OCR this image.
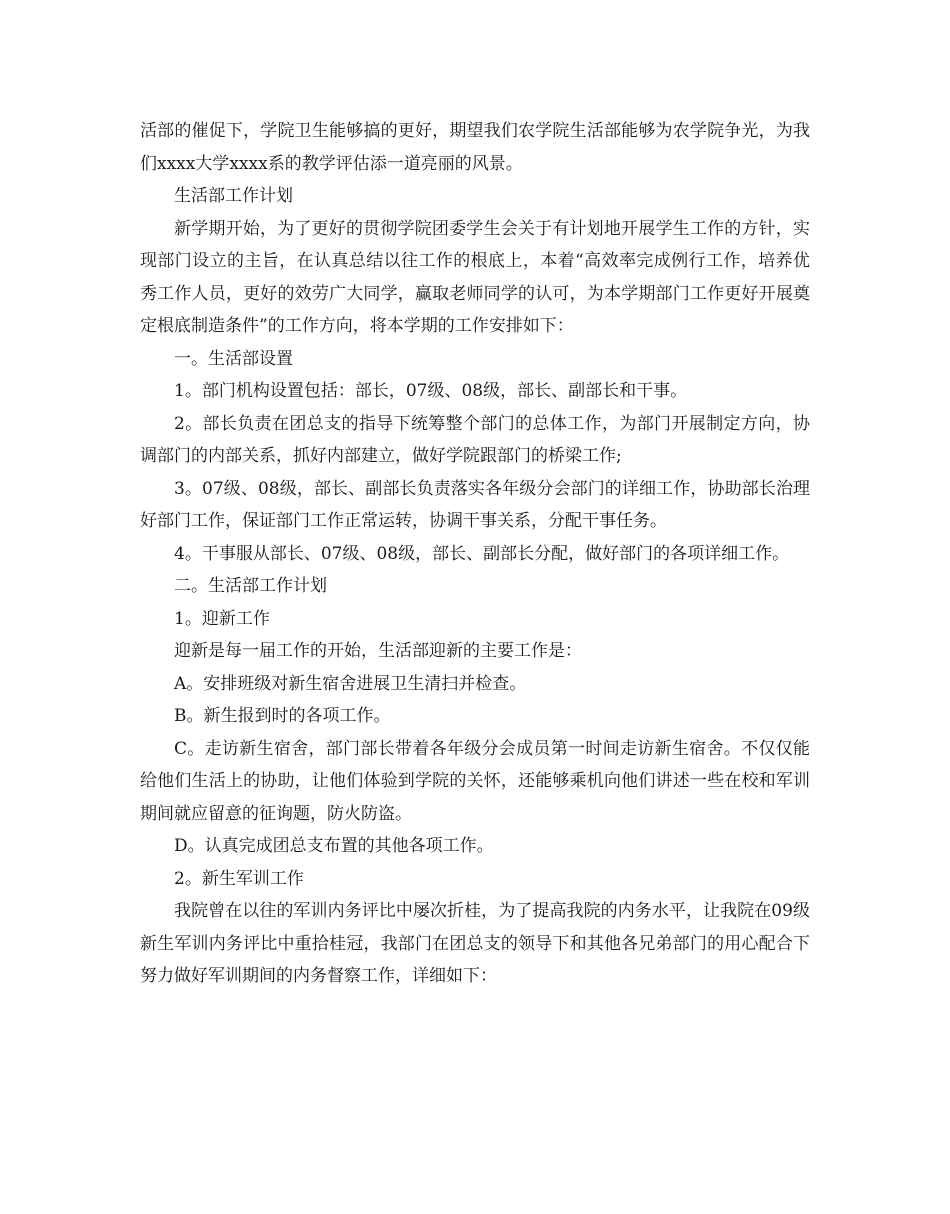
活部的催促下，学院卫生能够搞的更好，期望我们农学院生活部能够为农学院争光，为我们xxxx大学xxxx系的教学评估添一道亮丽的风景。

生活部工作计划

新学期开始，为了更好的贯彻学院团委学生会关于有计划地开展学生工作的方针，实现部门设立的主旨，在认真总结以往工作的根底上，本着“高效率完成例行工作，培养优秀工作人员，更好的效劳广大同学，赢取老师同学的认可，为本学期部门工作更好开展奠定根底制造条件”的工作方向，将本学期的工作安排如下：

一。生活部设置

1。部门机构设置包括：部长，07级、08级，部长、副部长和干事。

2。部长负责在团总支的指导下统筹整个部门的总体工作，为部门开展制定方向，协调部门的内部关系，抓好内部建立，做好学院跟部门的桥梁工作;

3。07级、08级，部长、副部长负责落实各年级分会部门的详细工作，协助部长治理好部门工作，保证部门工作正常运转，协调干事关系，分配干事任务。

4。干事服从部长、07级、08级，部长、副部长分配，做好部门的各项详细工作。

二。生活部工作计划

1。迎新工作

迎新是每一届工作的开始，生活部迎新的主要工作是：

A。安排班级对新生宿舍进展卫生清扫并检查。

B。新生报到时的各项工作。

C。走访新生宿舍，部门部长带着各年级分会成员第一时间走访新生宿舍。不仅仅能给他们生活上的协助，让他们体验到学院的关怀，还能够乘机向他们讲述一些在校和军训期间就应留意的征询题，防火防盗。

D。认真完成团总支布置的其他各项工作。

2。新生军训工作

我院曾在以往的军训内务评比中屡次折桂，为了提高我院的内务水平，让我院在09级新生军训内务评比中重拾桂冠，我部门在团总支的领导下和其他各兄弟部门的用心配合下努力做好军训期间的内务督察工作，详细如下：
